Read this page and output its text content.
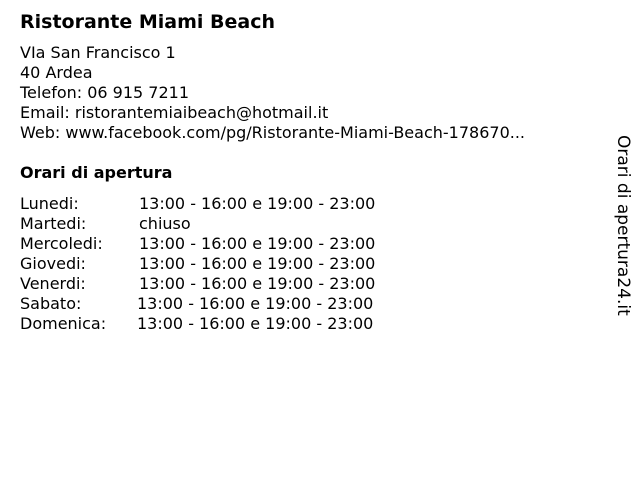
Ristorante Miami Beach
VIa San Francisco 1
40 Ardea
Telefon: 06 915 7211
Email: ristorantemiaibeach@hotmail.it
Web: www.facebook.com/pg/Ristorante-Miami-Beach-178670...
Orari di apertura
Lunedi:	13:00 - 16:00 e 19:00 - 23:00
Martedi:	chiuso
Mercoledi: 13:00 - 16:00 e 19:00 - 23:00
Giovedi:	13:00 - 16:00 e 19:00 - 23:00
Venerdi:	13:00 - 16:00 e 19:00 - 23:00
Sabato:	13:00 - 16:00 e 19:00 - 23:00
Domenica: 13:00 - 16:00 e 19:00 - 23:00
Orari di apertura24.it
